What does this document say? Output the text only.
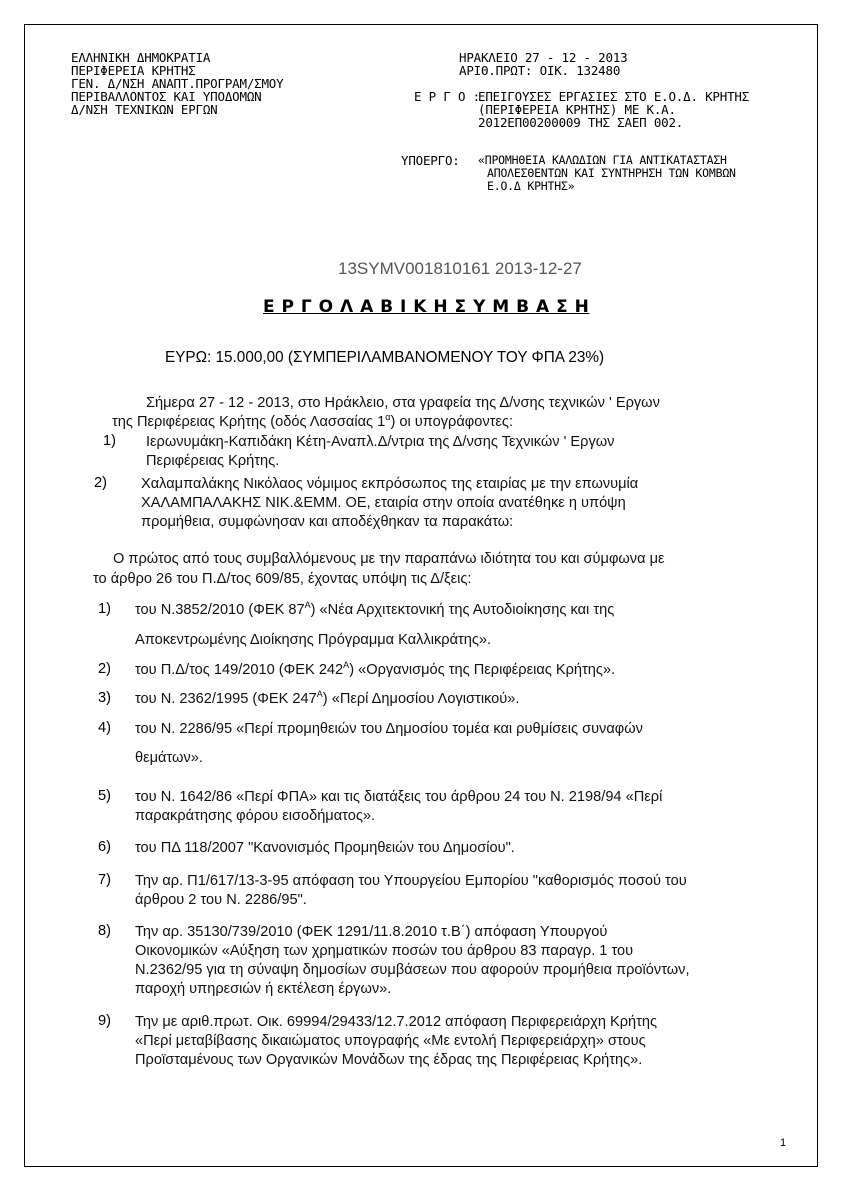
ΕΛΛΗΝΙΚΗ ΔΗΜΟΚΡΑΤΙΑ
ΠΕΡΙΦΕΡΕΙΑ ΚΡΗΤΗΣ
ΓΕΝ. Δ/ΝΣΗ ΑΝΑΠΤ.ΠΡΟΓΡΑΜ/ΣΜΟΥ
ΠΕΡΙΒΑΛΛΟΝΤΟΣ ΚΑΙ ΥΠΟΔΟΜΩΝ
Δ/ΝΣΗ ΤΕΧΝΙΚΩΝ ΕΡΓΩΝ
ΗΡΑΚΛΕΙΟ 27 - 12 - 2013
ΑΡΙΘ.ΠΡΩΤ: ΟΙΚ. 132480
Ε Ρ Γ Ο :
ΕΠΕΙΓΟΥΣΕΣ ΕΡΓΑΣΙΕΣ ΣΤΟ Ε.Ο.Δ. ΚΡΗΤΗΣ
(ΠΕΡΙΦΕΡΕΙΑ ΚΡΗΤΗΣ) ΜΕ Κ.Α.
2012ΕΠ00200009 ΤΗΣ ΣΑΕΠ 002.
ΥΠΟΕΡΓΟ: «ΠΡΟΜΗΘΕΙΑ ΚΑΛΩΔΙΩΝ ΓΙΑ ΑΝΤΙΚΑΤΑΣΤΑΣΗ
ΑΠΟΛΕΣΘΕΝΤΩΝ ΚΑΙ ΣΥΝΤΗΡΗΣΗ ΤΩΝ ΚΟΜΒΩΝ
Ε.Ο.Δ ΚΡΗΤΗΣ»
13SYMV001810161 2013-12-27
Ε Ρ Γ Ο Λ Α Β Ι Κ Η Σ Υ Μ Β Α Σ Η
ΕΥΡΩ: 15.000,00 (ΣΥΜΠΕΡΙΛΑΜΒΑΝΟΜΕΝΟΥ ΤΟΥ ΦΠΑ 23%)
Σήμερα 27 - 12 - 2013, στο Ηράκλειο, στα γραφεία της Δ/νσης τεχνικών ' Εργων
της Περιφέρειας Κρήτης (οδός Λασσαίας $1^\alpha$) οι υπογράφοντες:
1) Ιερωνυμάκη-Καπιδάκη Κέτη-Αναπλ.Δ/ντρια της Δ/νσης Τεχνικών ' Εργων
Περιφέρειας Κρήτης.
2) Χαλαμπαλάκης Νικόλαος νόμιμος εκπρόσωπος της εταιρίας με την επωνυμία
ΧΑΛΑΜΠΑΛΑΚΗΣ ΝΙΚ.&ΕΜΜ. ΟΕ, εταιρία στην οποία ανατέθηκε η υπόψη
προμήθεια, συμφώνησαν και αποδέχθηκαν τα παρακάτω:
Ο πρώτος από τους συμβαλλόμενους με την παραπάνω ιδιότητα του και σύμφωνα με
το άρθρο 26 του Π.Δ/τος 609/85, έχοντας υπόψη τις Δ/ξεις:
1) του Ν.3852/2010 (ΦΕΚ $87^A$) «Νέα Αρχιτεκτονική της Αυτοδιοίκησης και της
Αποκεντρωμένης Διοίκησης Πρόγραμμα Καλλικράτης».
2) του Π.Δ/τος 149/2010 (ΦΕΚ $242^A$) «Οργανισμός της Περιφέρειας Κρήτης».
3) του Ν. 2362/1995 (ΦΕΚ $247^A$) «Περί Δημοσίου Λογιστικού».
4) του Ν. 2286/95 «Περί προμηθειών του Δημοσίου τομέα και ρυθμίσεις συναφών
θεμάτων».
5) του Ν. 1642/86 «Περί ΦΠΑ» και τις διατάξεις του άρθρου 24 του Ν. 2198/94 «Περί
παρακράτησης φόρου εισοδήματος».
6) του ΠΔ 118/2007 "Κανονισμός Προμηθειών του Δημοσίου".
7) Την αρ. Π1/617/13-3-95 απόφαση του Υπουργείου Εμπορίου "καθορισμός ποσού του
άρθρου 2 του Ν. 2286/95".
8) Την αρ. 35130/739/2010 (ΦΕΚ 1291/11.8.2010 τ.Β΄) απόφαση Υπουργού
Οικονομικών «Αύξηση των χρηματικών ποσών του άρθρου 83 παραγρ. 1 του
Ν.2362/95 για τη σύναψη δημοσίων συμβάσεων που αφορούν προμήθεια προϊόντων,
παροχή υπηρεσιών ή εκτέλεση έργων».
9) Την με αριθ.πρωτ. Οικ. 69994/29433/12.7.2012 απόφαση Περιφερειάρχη Κρήτης
«Περί μεταβίβασης δικαιώματος υπογραφής «Με εντολή Περιφερειάρχη» στους
Προϊσταμένους των Οργανικών Μονάδων της έδρας της Περιφέρειας Κρήτης».
1
